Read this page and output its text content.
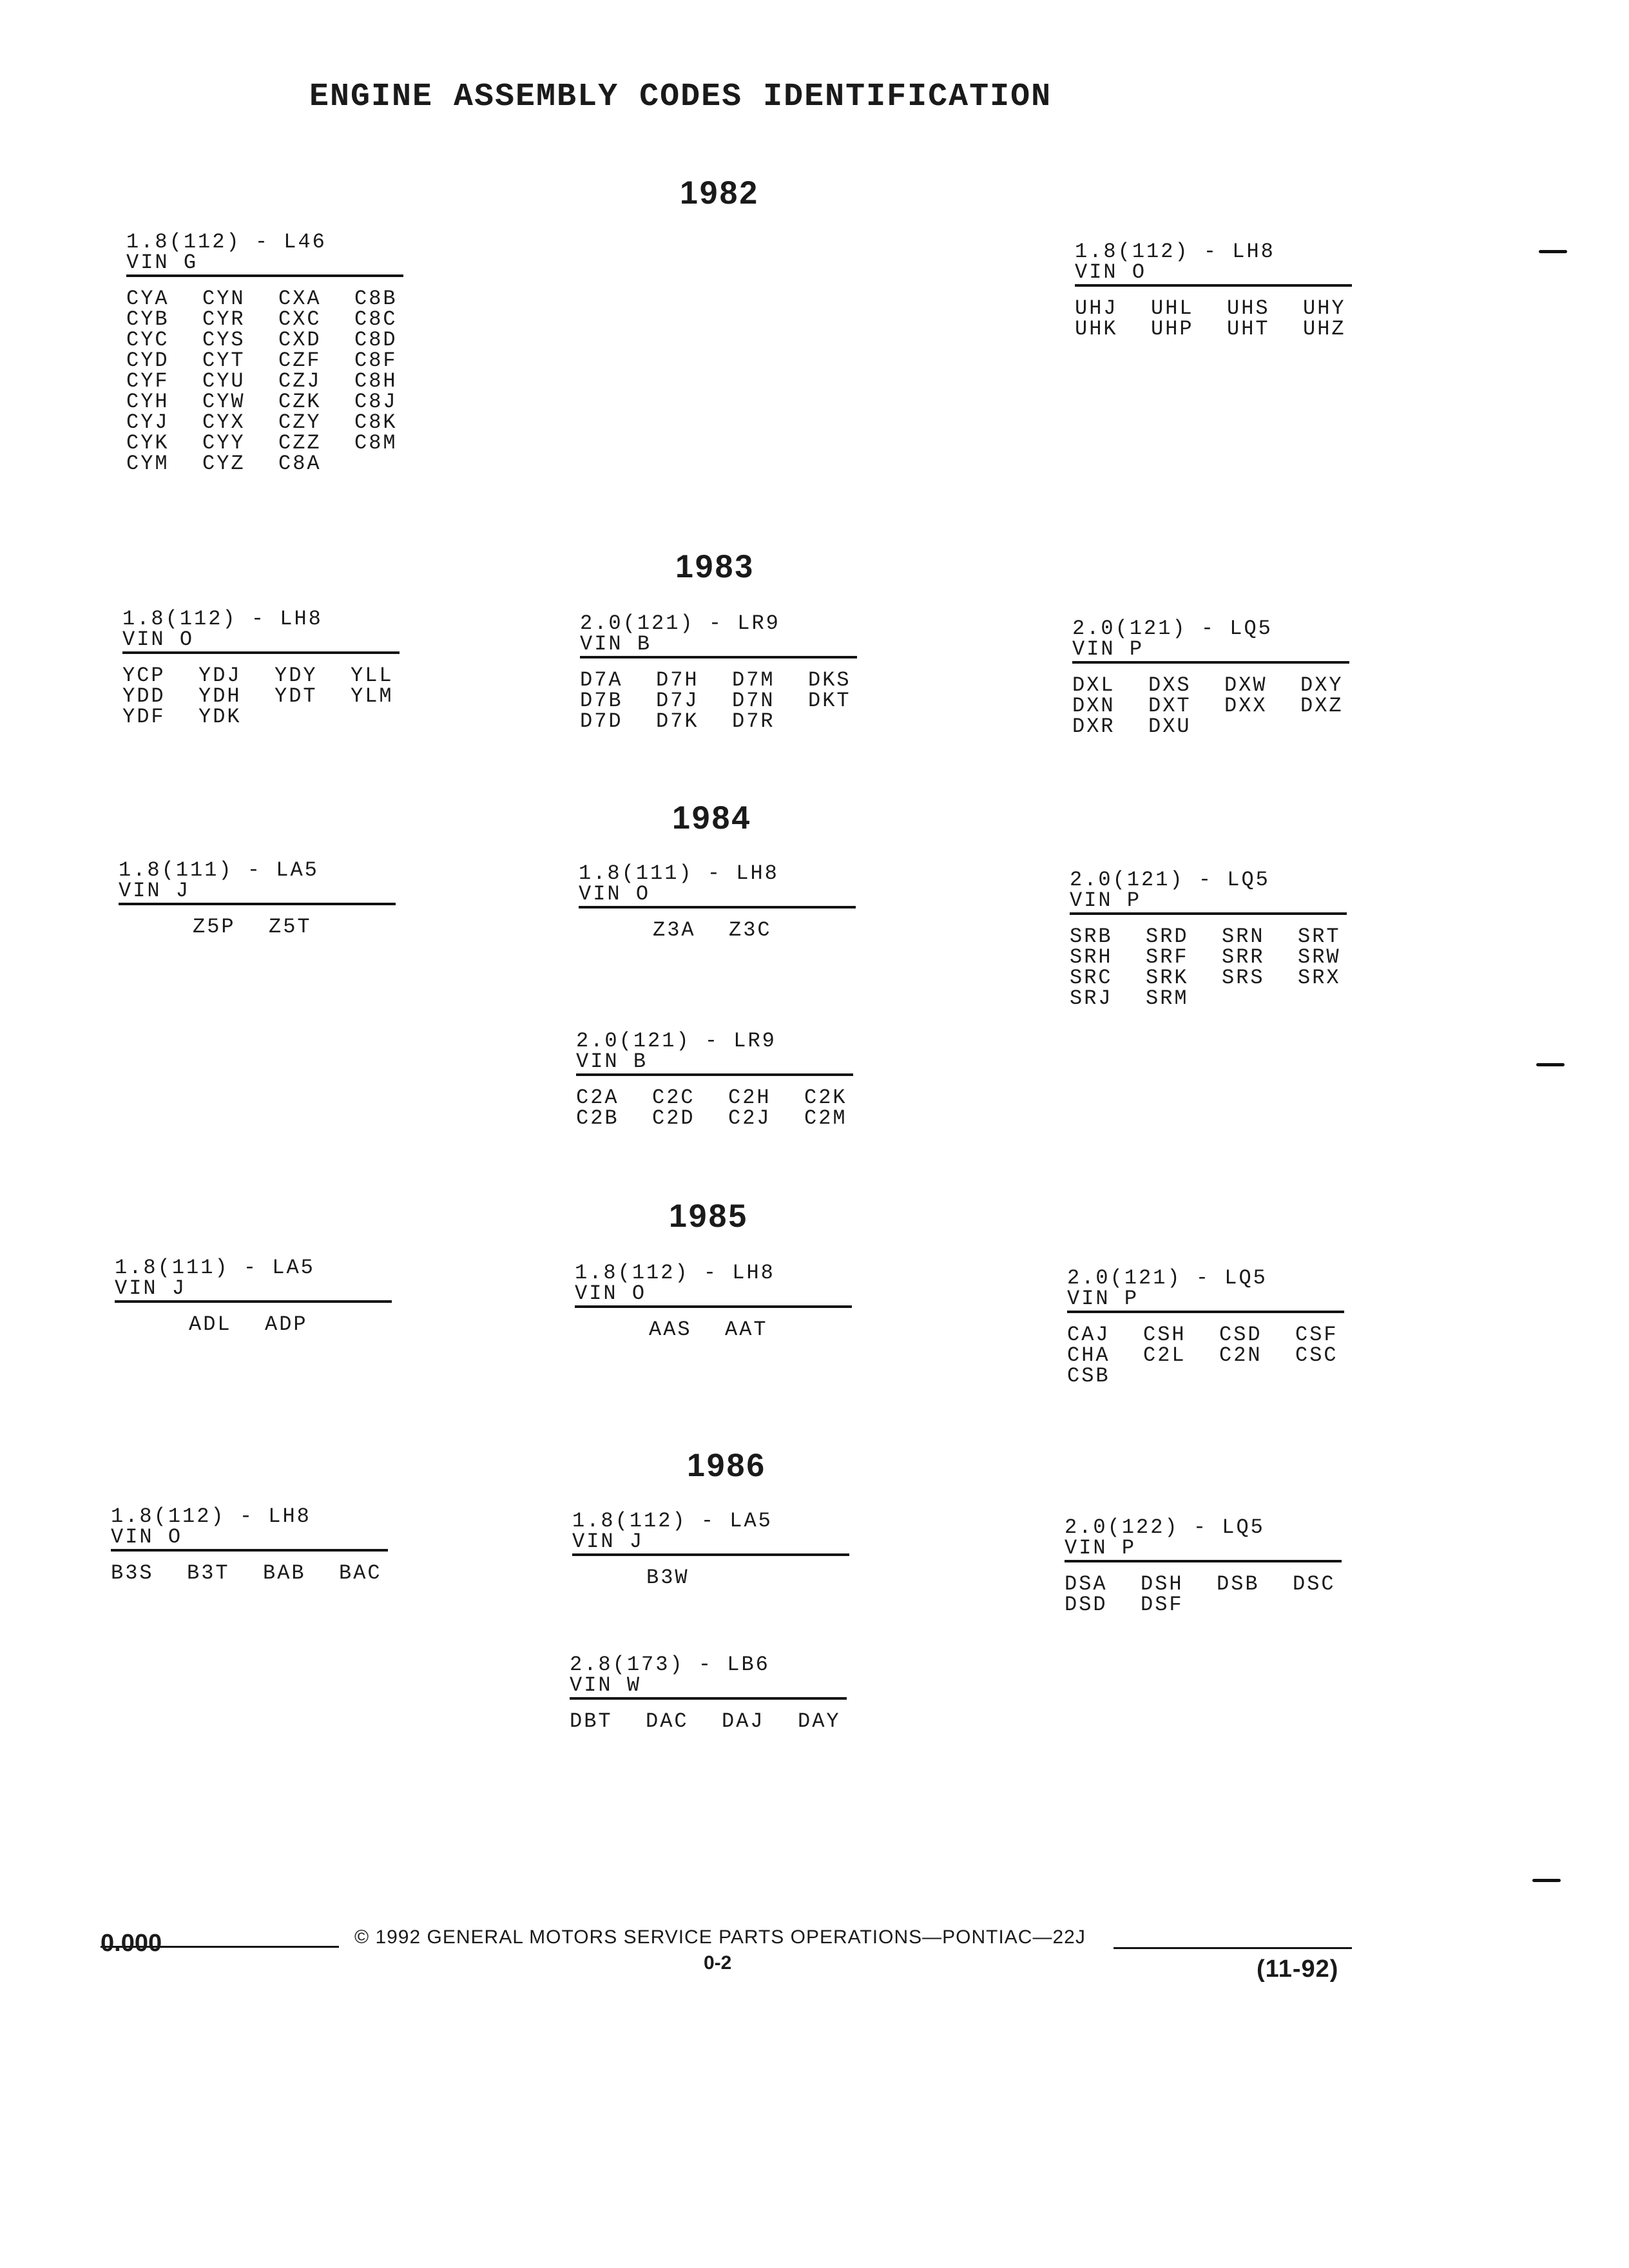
ENGINE ASSEMBLY CODES IDENTIFICATION
1982
1983
1984
1985
1986
1.8(112) - L46
VIN G
CYA	CYN	CXA	C8B
CYB	CYR	CXC	C8C
CYC	CYS	CXD	C8D
CYD	CYT	CZF	C8F
CYF	CYU	CZJ	C8H
CYH	CYW	CZK	C8J
CYJ	CYX	CZY	C8K
CYK	CYY	CZZ	C8M
CYM	CYZ	C8A
1.8(112) - LH8
VIN O
UHJ	UHL	UHS	UHY
UHK	UHP	UHT	UHZ
1.8(112) - LH8
VIN O
YCP	YDJ	YDY	YLL
YDD	YDH	YDT	YLM
YDF	YDK
2.0(121) - LR9
VIN B
D7A	D7H	D7M	DKS
D7B	D7J	D7N	DKT
D7D	D7K	D7R
2.0(121) - LQ5
VIN P
DXL	DXS	DXW	DXY
DXN	DXT	DXX	DXZ
DXR	DXU
1.8(111) - LA5
VIN J
Z5P	Z5T
1.8(111) - LH8
VIN O
Z3A	Z3C
2.0(121) - LQ5
VIN P
SRB	SRD	SRN	SRT
SRH	SRF	SRR	SRW
SRC	SRK	SRS	SRX
SRJ	SRM
2.0(121) - LR9
VIN B
C2A	C2C	C2H	C2K
C2B	C2D	C2J	C2M
1.8(111) - LA5
VIN J
ADL	ADP
1.8(112) - LH8
VIN O
AAS	AAT
2.0(121) - LQ5
VIN P
CAJ	CSH	CSD	CSF
CHA	C2L	C2N	CSC
CSB
1.8(112) - LH8
VIN O
B3S	B3T	BAB	BAC
1.8(112) - LA5
VIN J
B3W
2.0(122) - LQ5
VIN P
DSA	DSH	DSB	DSC
DSD	DSF
2.8(173) - LB6
VIN W
DBT	DAC	DAJ	DAY
0.000	© 1992 GENERAL MOTORS SERVICE PARTS OPERATIONS—PONTIAC—22J
0-2	(11-92)
